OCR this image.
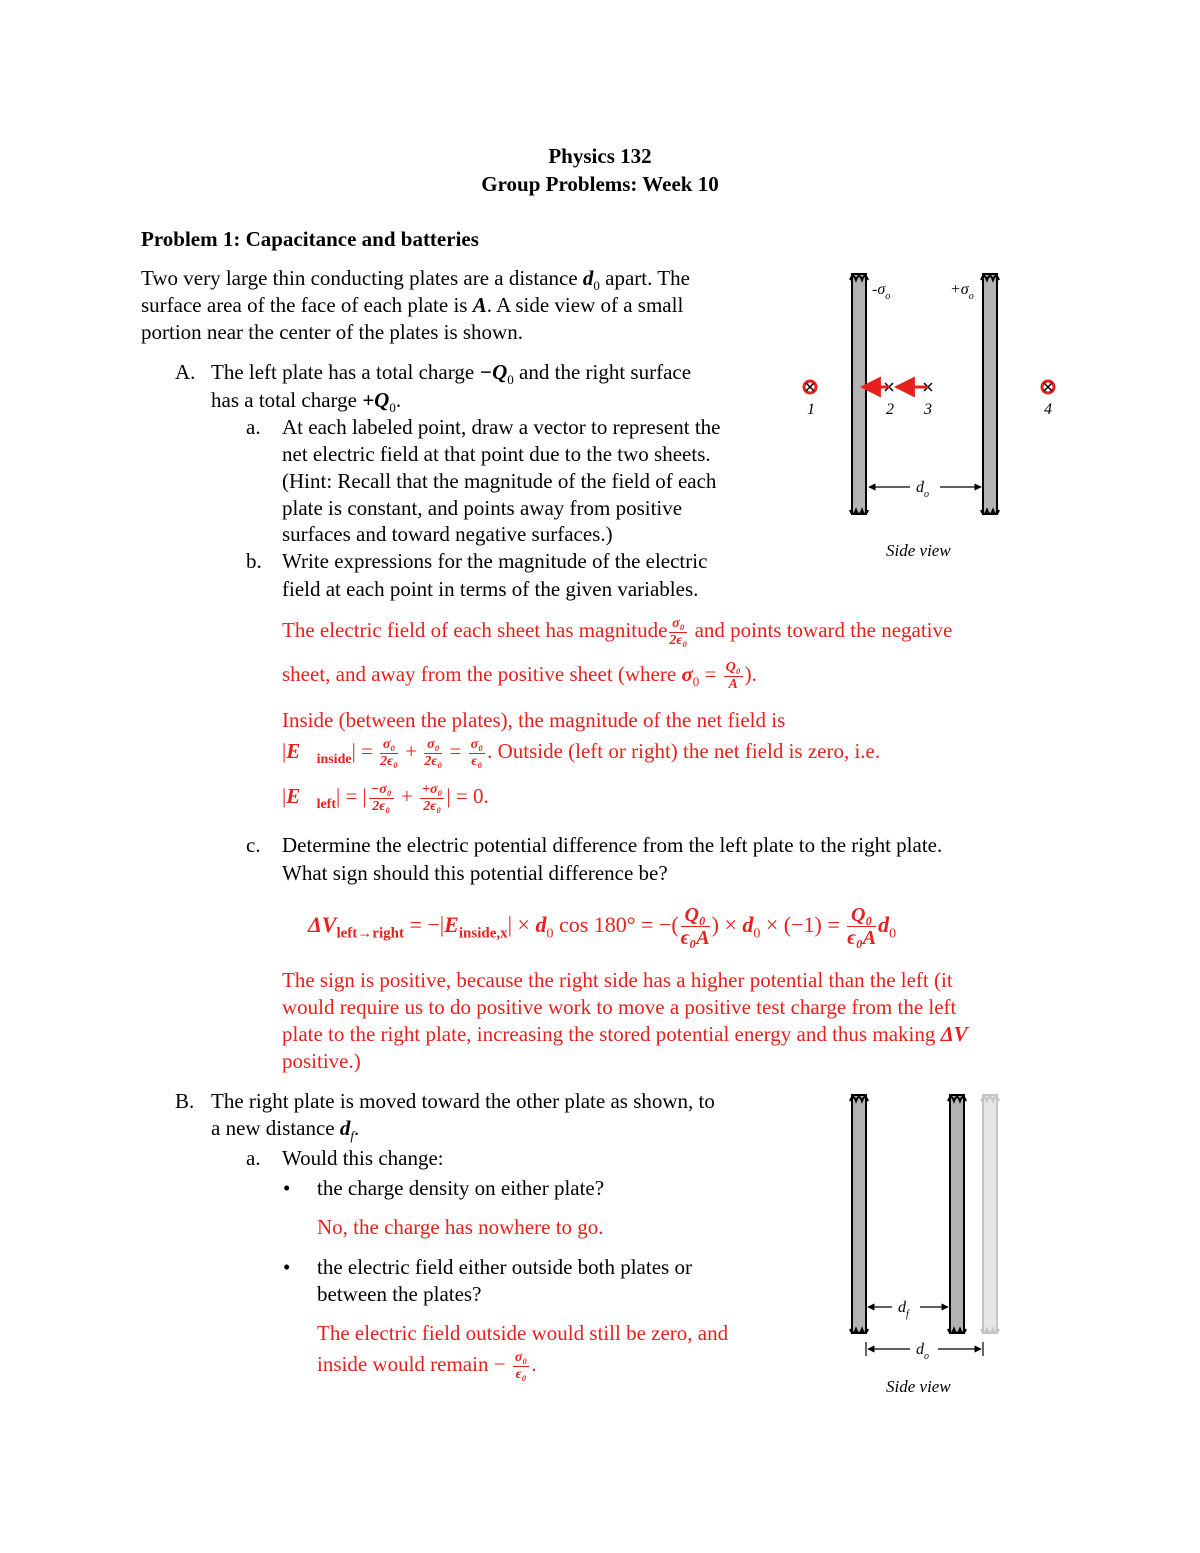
Physics 132
Group Problems: Week 10
Problem 1: Capacitance and batteries
Two very large thin conducting plates are a distance $d_0$ apart. The
surface area of the face of each plate is A. A side view of a small
portion near the center of the plates is shown.
A. The left plate has a total charge $-Q_0$ and the right surface
has a total charge $+Q_0$.
a. At each labeled point, draw a vector to represent the
net electric field at that point due to the two sheets.
(Hint: Recall that the magnitude of the field of each
plate is constant, and points away from positive
surfaces and toward negative surfaces.)
b. Write expressions for the magnitude of the electric
field at each point in terms of the given variables.
The electric field of each sheet has magnitude $\frac{\text{σ₀}}{\text{2ϵ₀}}$ and points toward the negative
sheet, and away from the positive sheet (where $\sigma_0 = \frac{\text{Q₀}}{A}$ ).
Inside (between the plates), the magnitude of the net field is
$|E⃗_{inside}| = \frac{\text{σ₀}}{\text{2ϵ₀}} + \frac{\text{σ₀}}{\text{2ϵ₀}} = \frac{\text{σ₀}}{\text{ϵ₀}}$ . Outside (left or right) the net field is zero, i.e.
$|E⃗_{left}|$ = | $\frac{\text{−σ₀}}{\text{2ϵ₀}} + \frac{\text{+σ₀}}{\text{2ϵ₀}}$ | = 0.
c. Determine the electric potential difference from the left plate to the right plate.
What sign should this potential difference be?
$\Delta V_{left\to right} = -|E_{inside,x}| \times d_0$ cos 180° = −( $\frac{\text{Q₀}}{\text{ϵ₀A}}$ ) × $d_0 \times (-1) = \frac{\text{Q₀}}{\text{ϵ₀A}} d_0$
The sign is positive, because the right side has a higher potential than the left (it
would require us to do positive work to move a positive test charge from the left
plate to the right plate, increasing the stored potential energy and thus making ΔV
positive.)
B. The right plate is moved toward the other plate as shown, to
a new distance $d_f$.
a. Would this change:
• the charge density on either plate?
No, the charge has nowhere to go.
• the electric field either outside both plates or
between the plates?
The electric field outside would still be zero, and
inside would remain − $\frac{\text{σ₀}}{\text{ϵ₀}}$ .
$-\sigma_o$	$+\sigma_o$
1	2 3	4
$d_o$
Side view
$d_f$
$d_o$
Side view
